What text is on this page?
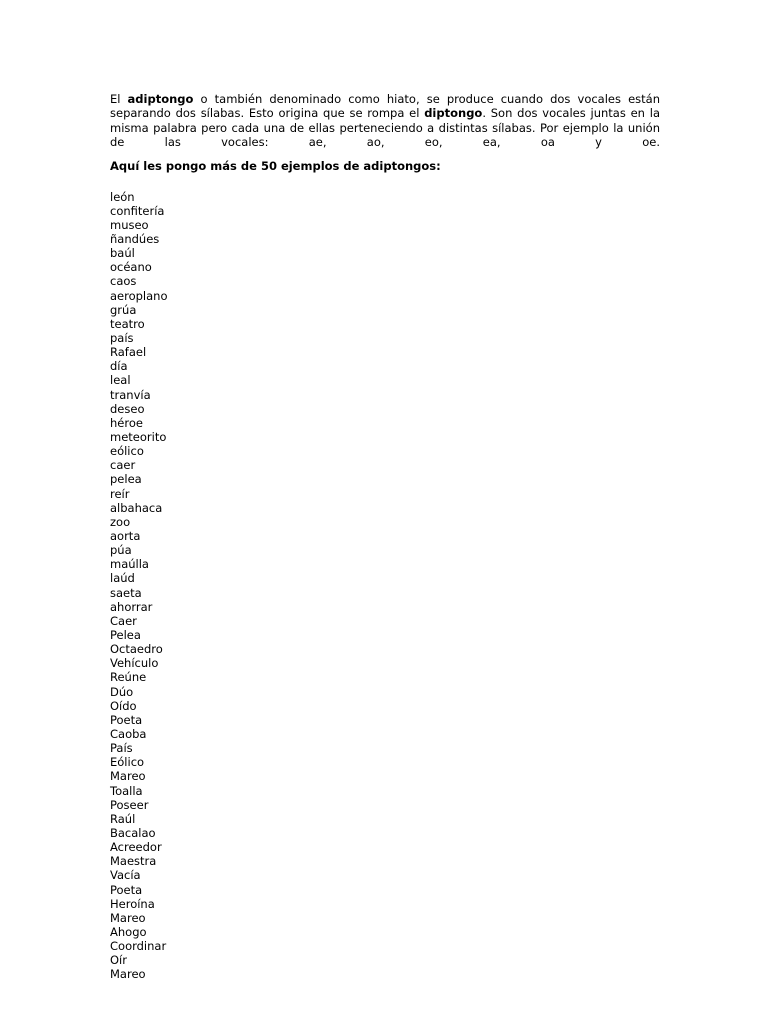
El adiptongo o también denominado como hiato, se produce cuando dos vocales están separando dos sílabas. Esto origina que se rompa el diptongo. Son dos vocales juntas en la misma palabra pero cada una de ellas perteneciendo a distintas sílabas. Por ejemplo la unión de las vocales: ae, ao, eo, ea, oa y oe.

Aquí les pongo más de 50 ejemplos de adiptongos:

león
confitería
museo
ñandúes
baúl
océano
caos
aeroplano
grúa
teatro
país
Rafael
día
leal
tranvía
deseo
héroe
meteorito
eólico
caer
pelea
reír
albahaca
zoo
aorta
púa
maúlla
laúd
saeta
ahorrar
Caer
Pelea
Octaedro
Vehículo
Reúne
Dúo
Oído
Poeta
Caoba
País
Eólico
Mareo
Toalla
Poseer
Raúl
Bacalao
Acreedor
Maestra
Vacía
Poeta
Heroína
Mareo
Ahogo
Coordinar
Oír
Mareo
